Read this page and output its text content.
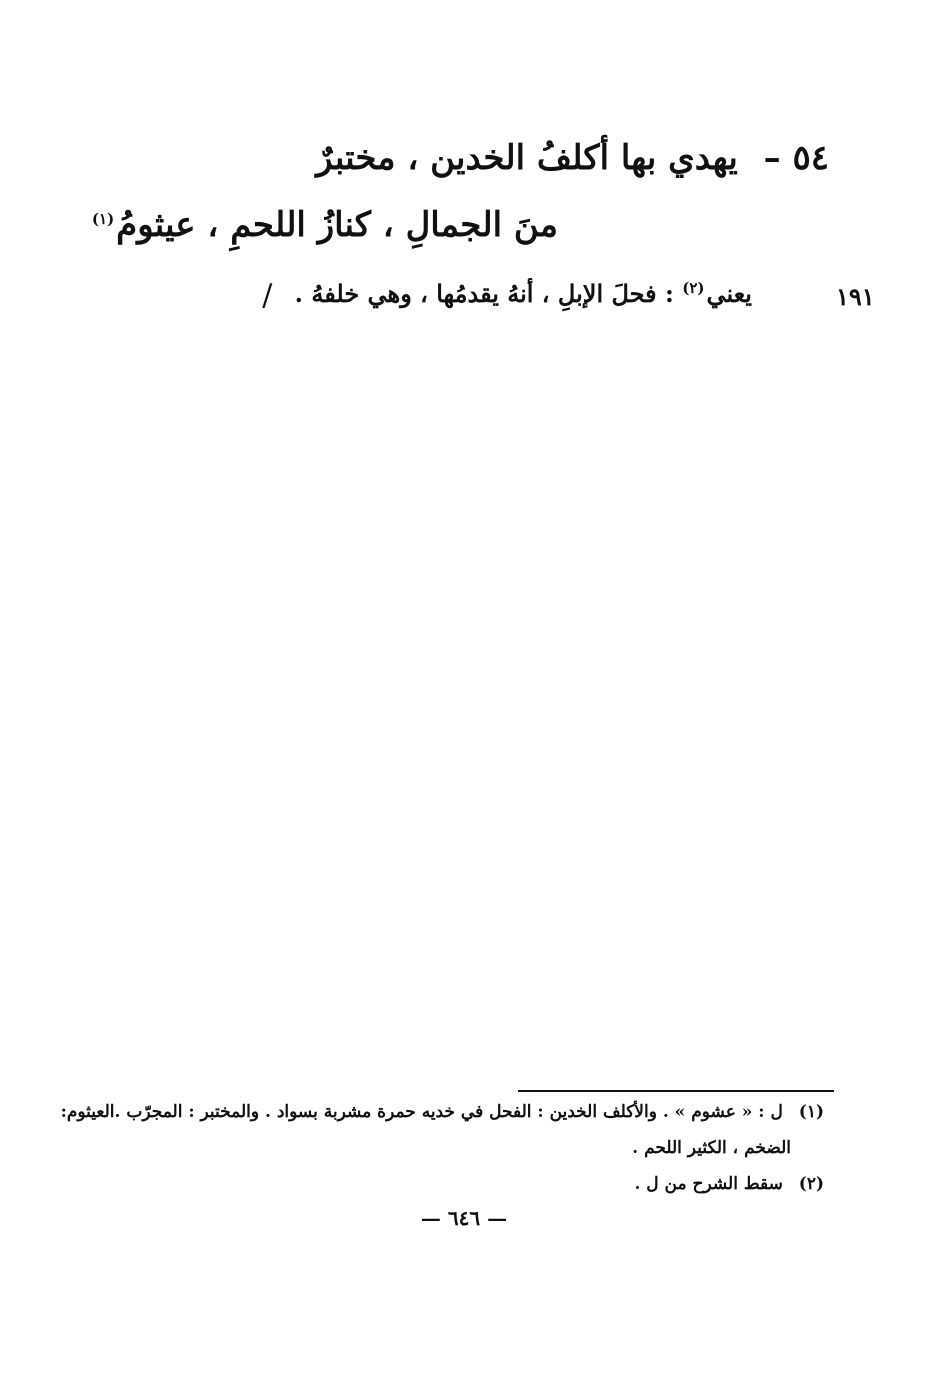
٥٤ – يهدي بها أكلفُ الخدين ، مختبرٌ
منَ الجمالِ ، كنازُ اللحمِ ، عيثومُ$^{(١)}$
١٩١
يعني$^{(٢)}$ : فحلَ الإبلِ ، أنهُ يقدمُها ، وهي خلفهُ . /
(١) ل : « عشوم » . والأكلف الخدين : الفحل في خديه حمرة مشربة بسواد . والمختبر : المجرّب .العيثوم:
الضخم ، الكثير اللحم .
(٢) سقط الشرح من ل .
— ٦٤٦ —
